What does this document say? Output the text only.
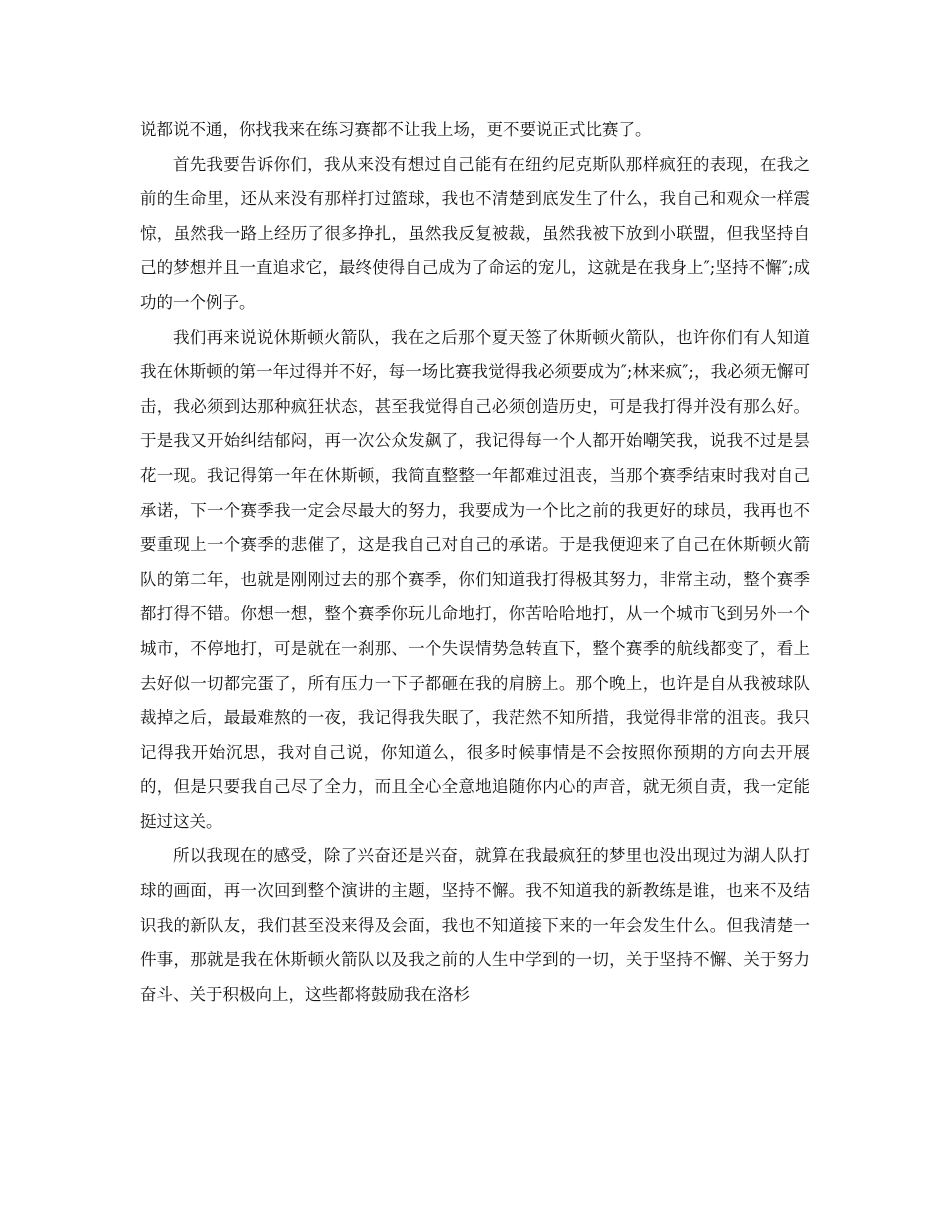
说都说不通，你找我来在练习赛都不让我上场，更不要说正式比赛了。

首先我要告诉你们，我从来没有想过自己能有在纽约尼克斯队那样疯狂的表现，在我之前的生命里，还从来没有那样打过篮球，我也不清楚到底发生了什么，我自己和观众一样震惊，虽然我一路上经历了很多挣扎，虽然我反复被裁，虽然我被下放到小联盟，但我坚持自己的梦想并且一直追求它，最终使得自己成为了命运的宠儿，这就是在我身上″;坚持不懈″;成功的一个例子。

我们再来说说休斯顿火箭队，我在之后那个夏天签了休斯顿火箭队，也许你们有人知道我在休斯顿的第一年过得并不好，每一场比赛我觉得我必须要成为″;林来疯″;，我必须无懈可击，我必须到达那种疯狂状态，甚至我觉得自己必须创造历史，可是我打得并没有那么好。于是我又开始纠结郁闷，再一次公众发飙了，我记得每一个人都开始嘲笑我，说我不过是昙花一现。我记得第一年在休斯顿，我简直整整一年都难过沮丧，当那个赛季结束时我对自己承诺，下一个赛季我一定会尽最大的努力，我要成为一个比之前的我更好的球员，我再也不要重现上一个赛季的悲催了，这是我自己对自己的承诺。于是我便迎来了自己在休斯顿火箭队的第二年，也就是刚刚过去的那个赛季，你们知道我打得极其努力，非常主动，整个赛季都打得不错。你想一想，整个赛季你玩儿命地打，你苦哈哈地打，从一个城市飞到另外一个城市，不停地打，可是就在一刹那、一个失误情势急转直下，整个赛季的航线都变了，看上去好似一切都完蛋了，所有压力一下子都砸在我的肩膀上。那个晚上，也许是自从我被球队裁掉之后，最最难熬的一夜，我记得我失眠了，我茫然不知所措，我觉得非常的沮丧。我只记得我开始沉思，我对自己说，你知道么，很多时候事情是不会按照你预期的方向去开展的，但是只要我自己尽了全力，而且全心全意地追随你内心的声音，就无须自责，我一定能挺过这关。

所以我现在的感受，除了兴奋还是兴奋，就算在我最疯狂的梦里也没出现过为湖人队打球的画面，再一次回到整个演讲的主题，坚持不懈。我不知道我的新教练是谁，也来不及结识我的新队友，我们甚至没来得及会面，我也不知道接下来的一年会发生什么。但我清楚一件事，那就是我在休斯顿火箭队以及我之前的人生中学到的一切，关于坚持不懈、关于努力奋斗、关于积极向上，这些都将鼓励我在洛杉
